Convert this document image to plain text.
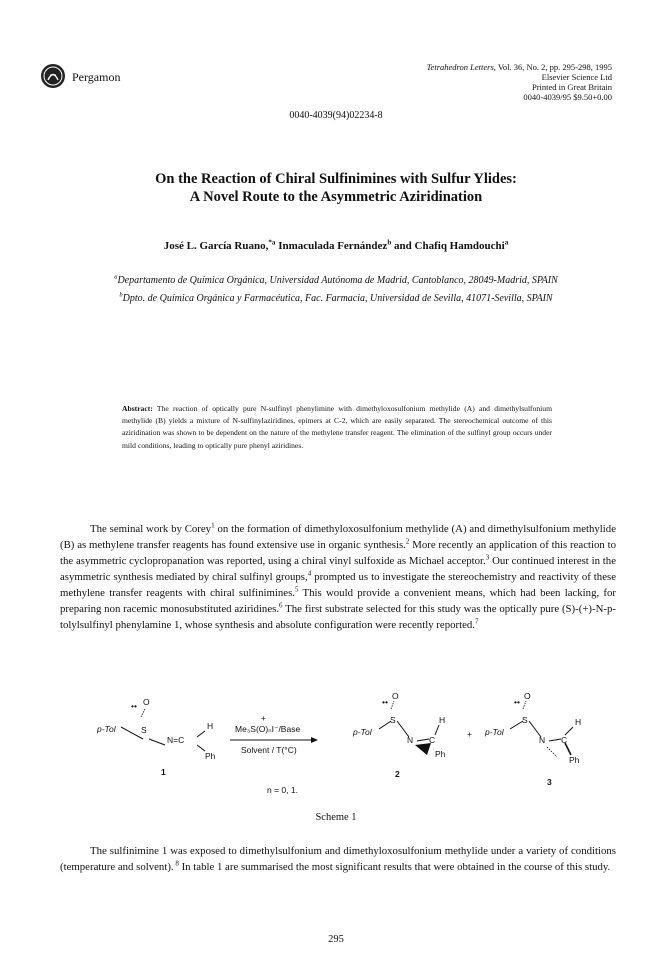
Pergamon
Tetrahedron Letters, Vol. 36, No. 2, pp. 295-298, 1995
Elsevier Science Ltd
Printed in Great Britain
0040-4039/95 $9.50+0.00
0040-4039(94)02234-8
On the Reaction of Chiral Sulfinimines with Sulfur Ylides:
A Novel Route to the Asymmetric Aziridination
José L. García Ruano,$^{*a}$ Inmaculada Fernández$^b$ and Chafiq Hamdouchi$^a$
$^a$Departamento de Química Orgánica, Universidad Autónoma de Madrid, Cantoblanco, 28049-Madrid, SPAIN
$^b$Dpto. de Química Orgánica y Farmacéutica, Fac. Farmacia, Universidad de Sevilla, 41071-Sevilla, SPAIN
Abstract: The reaction of optically pure N-sulfinyl phenylimine with dimethyloxosulfonium methylide (A) and dimethylsulfonium methylide (B) yields a mixture of N-sulfinylaziridines, epimers at C-2, which are easily separated. The stereochemical outcome of this aziridination was shown to be dependent on the nature of the methylene transfer reagent. The elimination of the sulfinyl group occurs under mild conditions, leading to optically pure phenyl aziridines.

The seminal work by Corey$^1$ on the formation of dimethyloxosulfonium methylide (A) and dimethylsulfonium methylide (B) as methylene transfer reagents has found extensive use in organic synthesis.$^2$ More recently an application of this reaction to the asymmetric cyclopropanation was reported, using a chiral vinyl sulfoxide as Michael acceptor.$^3$ Our continued interest in the asymmetric synthesis mediated by chiral sulfinyl groups,$^4$ prompted us to investigate the stereochemistry and reactivity of these methylene transfer reagents with chiral sulfinimines.$^5$ This would provide a convenient means, which had been lacking, for preparing non racemic monosubstituted aziridines.$^6$ The first substrate selected for this study was the optically pure (S)-(+)-N-p-tolylsulfinyl phenylamine 1, whose synthesis and absolute configuration were recently reported.$^7$

•• O
S
p-Tol
N=C
H
Ph
1
+
Me₃S(O)ₙI⁻/Base
Solvent / T(°C)
n = 0, 1.
••
O
S
p-Tol
N C
H
Ph
2
+
••
O
S
p-Tol
N C
H
Ph
3
Scheme 1

The sulfinimine 1 was exposed to dimethylsulfonium and dimethyloxosulfonium methylide under a variety of conditions (temperature and solvent). $^8$ In table 1 are summarised the most significant results that were obtained in the course of this study.

295
